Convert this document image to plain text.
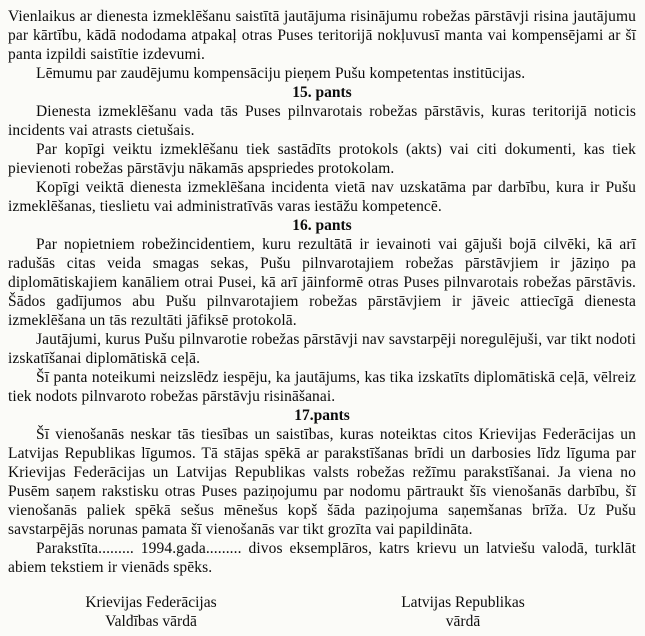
Vienlaikus ar dienesta izmeklēšanu saistītā jautājuma risinājumu robežas pārstāvji risina jautājumu par kārtību, kādā nododama atpakaļ otras Puses teritorijā nokļuvusī manta vai kompensējami ar šī panta izpildi saistītie izdevumi.

Lēmumu par zaudējumu kompensāciju pieņem Pušu kompetentas institūcijas.

15. pants

Dienesta izmeklēšanu vada tās Puses pilnvarotais robežas pārstāvis, kuras teritorijā noticis incidents vai atrasts cietušais.

Par kopīgi veiktu izmeklēšanu tiek sastādīts protokols (akts) vai citi dokumenti, kas tiek pievienoti robežas pārstāvju nākamās apspriedes protokolam.

Kopīgi veiktā dienesta izmeklēšana incidenta vietā nav uzskatāma par darbību, kura ir Pušu izmeklēšanas, tieslietu vai administratīvās varas iestāžu kompetencē.

16. pants

Par nopietniem robežincidentiem, kuru rezultātā ir ievainoti vai gājuši bojā cilvēki, kā arī radušās citas veida smagas sekas, Pušu pilnvarotajiem robežas pārstāvjiem ir jāziņo pa diplomātiskajiem kanāliem otrai Pusei, kā arī jāinformē otras Puses pilnvarotais robežas pārstāvis. Šādos gadījumos abu Pušu pilnvarotajiem robežas pārstāvjiem ir jāveic attiecīgā dienesta izmeklēšana un tās rezultāti jāfiksē protokolā.

Jautājumi, kurus Pušu pilnvarotie robežas pārstāvji nav savstarpēji noregulējuši, var tikt nodoti izskatīšanai diplomātiskā ceļā.

Šī panta noteikumi neizslēdz iespēju, ka jautājums, kas tika izskatīts diplomātiskā ceļā, vēlreiz tiek nodots pilnvaroto robežas pārstāvju risināšanai.

17.pants

Šī vienošanās neskar tās tiesības un saistības, kuras noteiktas citos Krievijas Federācijas un Latvijas Republikas līgumos. Tā stājas spēkā ar parakstīšanas brīdi un darbosies līdz līguma par Krievijas Federācijas un Latvijas Republikas valsts robežas režīmu parakstīšanai. Ja viena no Pusēm saņem rakstisku otras Puses paziņojumu par nodomu pārtraukt šīs vienošanās darbību, šī vienošanās paliek spēkā sešus mēnešus kopš šāda paziņojuma saņemšanas brīža. Uz Pušu savstarpējās norunas pamata šī vienošanās var tikt grozīta vai papildināta.

Parakstīta......... 1994.gada......... divos eksemplāros, katrs krievu un latviešu valodā, turklāt abiem tekstiem ir vienāds spēks.

Krievijas Federācijas
Valdības vārdā
Latvijas Republikas
vārdā
